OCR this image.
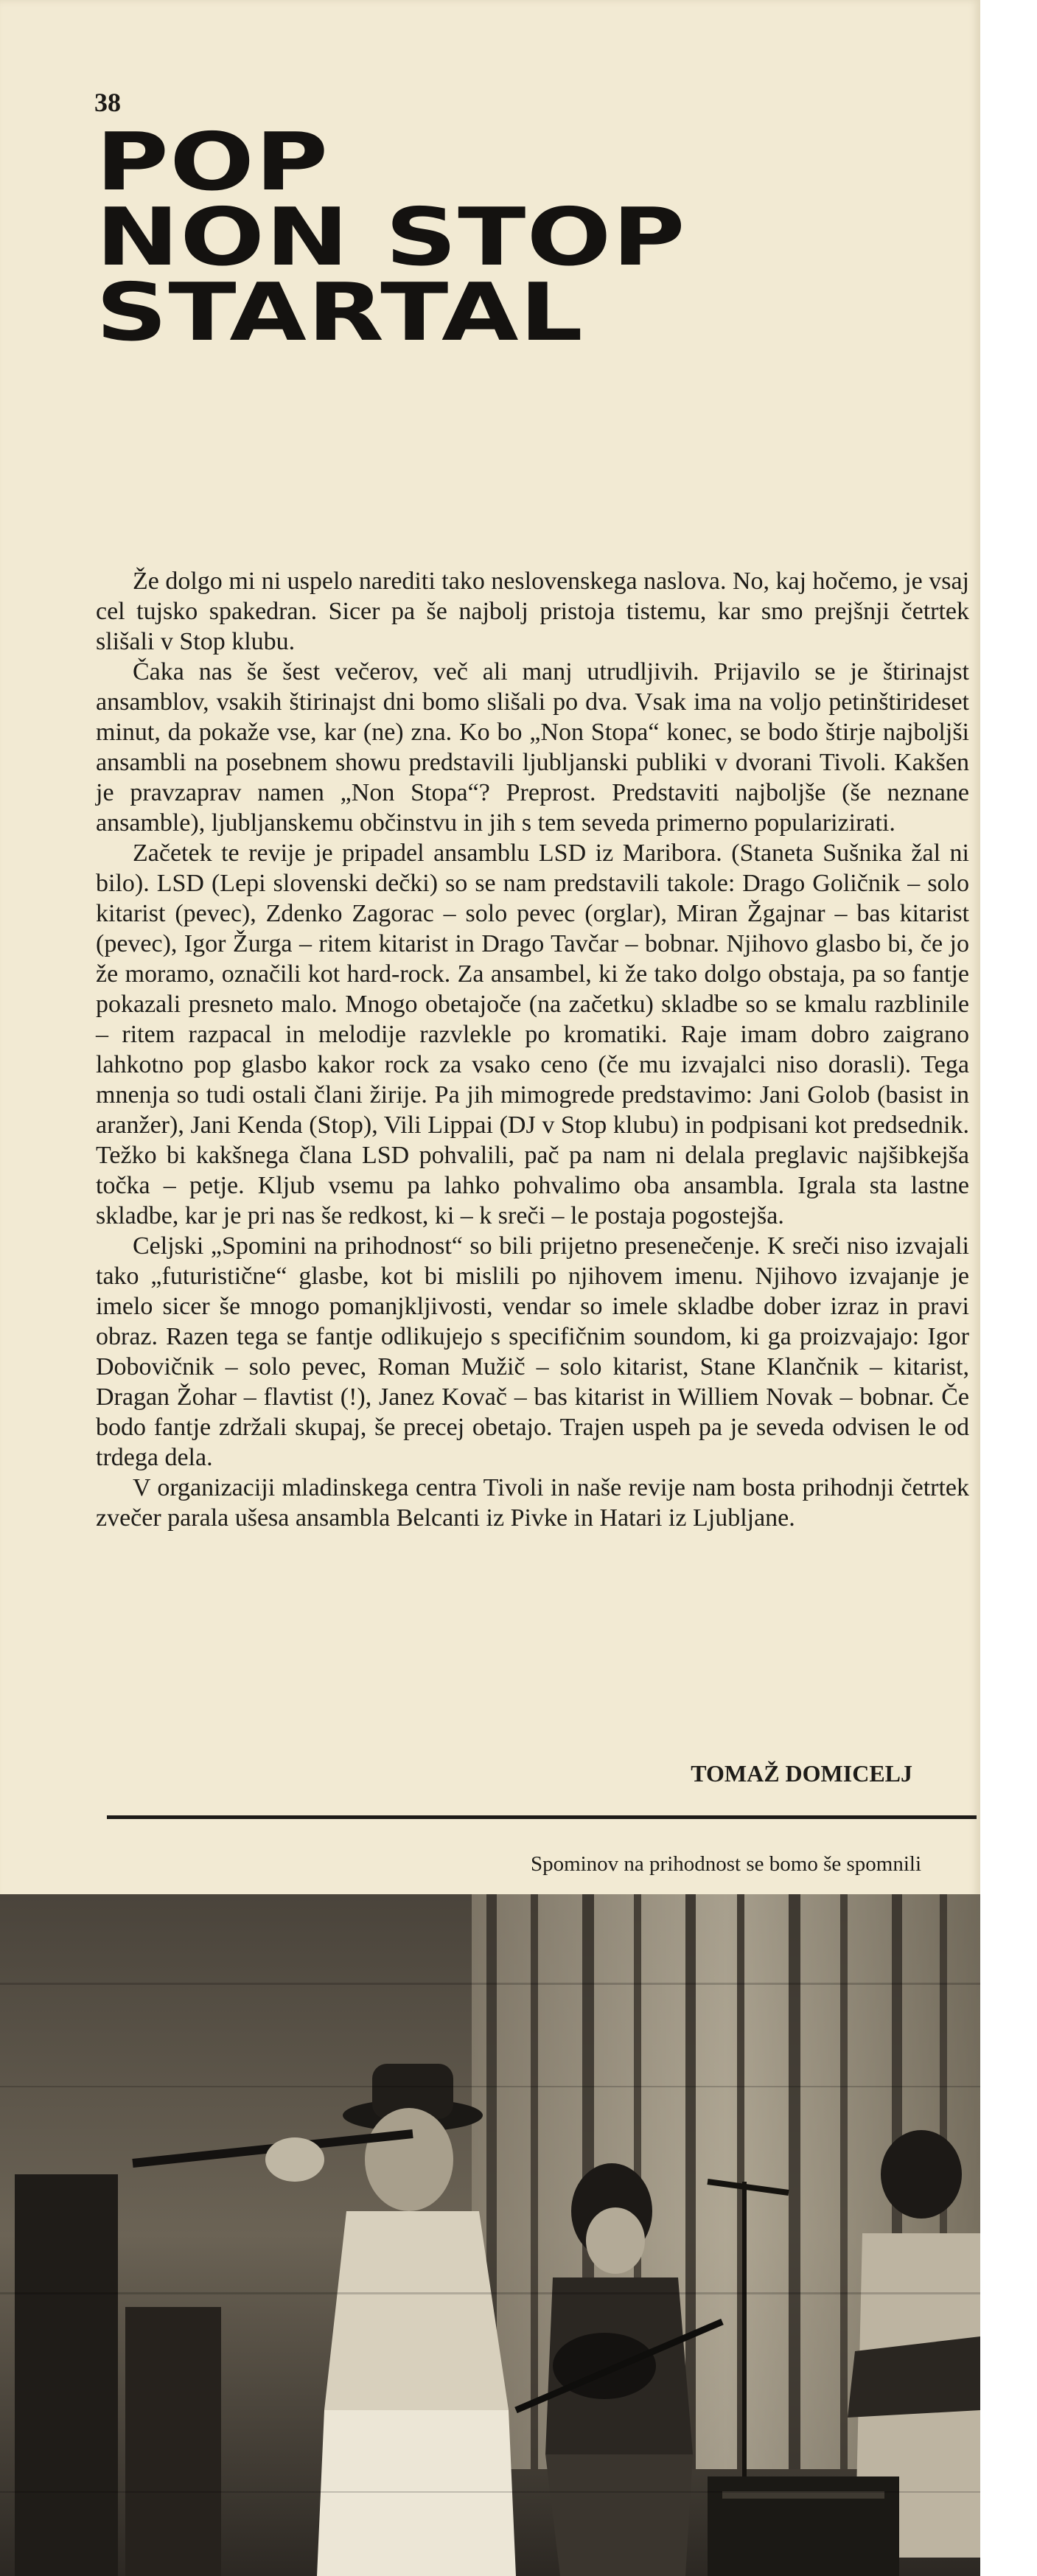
38
POP
NON STOP
STARTAL

Že dolgo mi ni uspelo narediti tako neslovenskega naslova. No, kaj hočemo, je vsaj cel tujsko spakedran. Sicer pa še najbolj pristoja tistemu, kar smo prejšnji četrtek slišali v Stop klubu.

Čaka nas še šest večerov, več ali manj utrudljivih. Prijavilo se je štirinajst ansamblov, vsakih štirinajst dni bomo slišali po dva. Vsak ima na voljo petinštirideset minut, da pokaže vse, kar (ne) zna. Ko bo „Non Stopa“ konec, se bodo štirje najboljši ansambli na posebnem showu predstavili ljubljanski publiki v dvorani Tivoli. Kakšen je pravzaprav namen „Non Stopa“? Preprost. Predstaviti najboljše (še neznane ansamble), ljubljanskemu občinstvu in jih s tem seveda primerno popularizirati.

Začetek te revije je pripadel ansamblu LSD iz Maribora. (Staneta Sušnika žal ni bilo). LSD (Lepi slovenski dečki) so se nam predstavili takole: Drago Goličnik – solo kitarist (pevec), Zdenko Zagorac – solo pevec (orglar), Miran Žgajnar – bas kitarist (pevec), Igor Žurga – ritem kitarist in Drago Tavčar – bobnar. Njihovo glasbo bi, če jo že moramo, označili kot hard-rock. Za ansambel, ki že tako dolgo obstaja, pa so fantje pokazali presneto malo. Mnogo obetajoče (na začetku) skladbe so se kmalu razblinile – ritem razpacal in melodije razvlekle po kromatiki. Raje imam dobro zaigrano lahkotno pop glasbo kakor rock za vsako ceno (če mu izvajalci niso dorasli). Tega mnenja so tudi ostali člani žirije. Pa jih mimogrede predstavimo: Jani Golob (basist in aranžer), Jani Kenda (Stop), Vili Lippai (DJ v Stop klubu) in podpisani kot predsednik. Težko bi kakšnega člana LSD pohvalili, pač pa nam ni delala preglavic najšibkejša točka – petje. Kljub vsemu pa lahko pohvalimo oba ansambla. Igrala sta lastne skladbe, kar je pri nas še redkost, ki – k sreči – le postaja pogostejša.

Celjski „Spomini na prihodnost“ so bili prijetno presenečenje. K sreči niso izvajali tako „futuristične“ glasbe, kot bi mislili po njihovem imenu. Njihovo izvajanje je imelo sicer še mnogo pomanjkljivosti, vendar so imele skladbe dober izraz in pravi obraz. Razen tega se fantje odlikujejo s specifičnim soundom, ki ga proizvajajo: Igor Dobovičnik – solo pevec, Roman Mužič – solo kitarist, Stane Klančnik – kitarist, Dragan Žohar – flavtist (!), Janez Kovač – bas kitarist in Williem Novak – bobnar. Če bodo fantje zdržali skupaj, še precej obetajo. Trajen uspeh pa je seveda odvisen le od trdega dela.

V organizaciji mladinskega centra Tivoli in naše revije nam bosta prihodnji četrtek zvečer parala ušesa ansambla Belcanti iz Pivke in Hatari iz Ljubljane.

TOMAŽ DOMICELJ
Spominov na prihodnost se bomo še spomnili
